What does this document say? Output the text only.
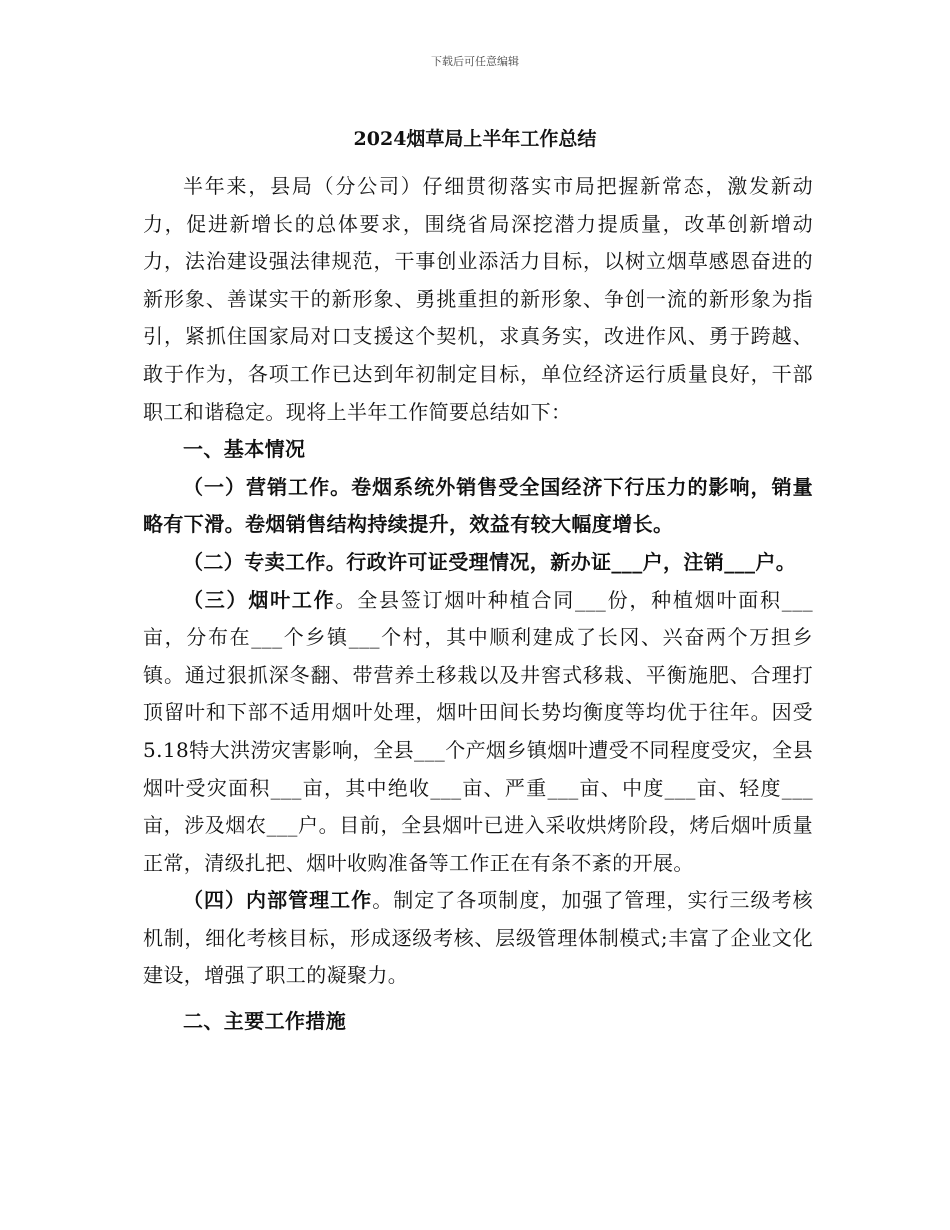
下载后可任意编辑
2024烟草局上半年工作总结

半年来，县局（分公司）仔细贯彻落实市局把握新常态，激发新动力，促进新增长的总体要求，围绕省局深挖潜力提质量，改革创新增动力，法治建设强法律规范，干事创业添活力目标，以树立烟草感恩奋进的新形象、善谋实干的新形象、勇挑重担的新形象、争创一流的新形象为指引，紧抓住国家局对口支援这个契机，求真务实，改进作风、勇于跨越、敢于作为，各项工作已达到年初制定目标，单位经济运行质量良好，干部职工和谐稳定。现将上半年工作简要总结如下：

一、基本情况

（一）营销工作。卷烟系统外销售受全国经济下行压力的影响，销量略有下滑。卷烟销售结构持续提升，效益有较大幅度增长。

（二）专卖工作。行政许可证受理情况，新办证___户，注销___户。

（三）烟叶工作。全县签订烟叶种植合同___份，种植烟叶面积___亩，分布在___个乡镇___个村，其中顺利建成了长冈、兴奋两个万担乡镇。通过狠抓深冬翻、带营养土移栽以及井窖式移栽、平衡施肥、合理打顶留叶和下部不适用烟叶处理，烟叶田间长势均衡度等均优于往年。因受5.18特大洪涝灾害影响，全县___个产烟乡镇烟叶遭受不同程度受灾，全县烟叶受灾面积___亩，其中绝收___亩、严重___亩、中度___亩、轻度___亩，涉及烟农___户。目前，全县烟叶已进入采收烘烤阶段，烤后烟叶质量正常，清级扎把、烟叶收购准备等工作正在有条不紊的开展。

（四）内部管理工作。制定了各项制度，加强了管理，实行三级考核机制，细化考核目标，形成逐级考核、层级管理体制模式;丰富了企业文化建设，增强了职工的凝聚力。

二、主要工作措施
